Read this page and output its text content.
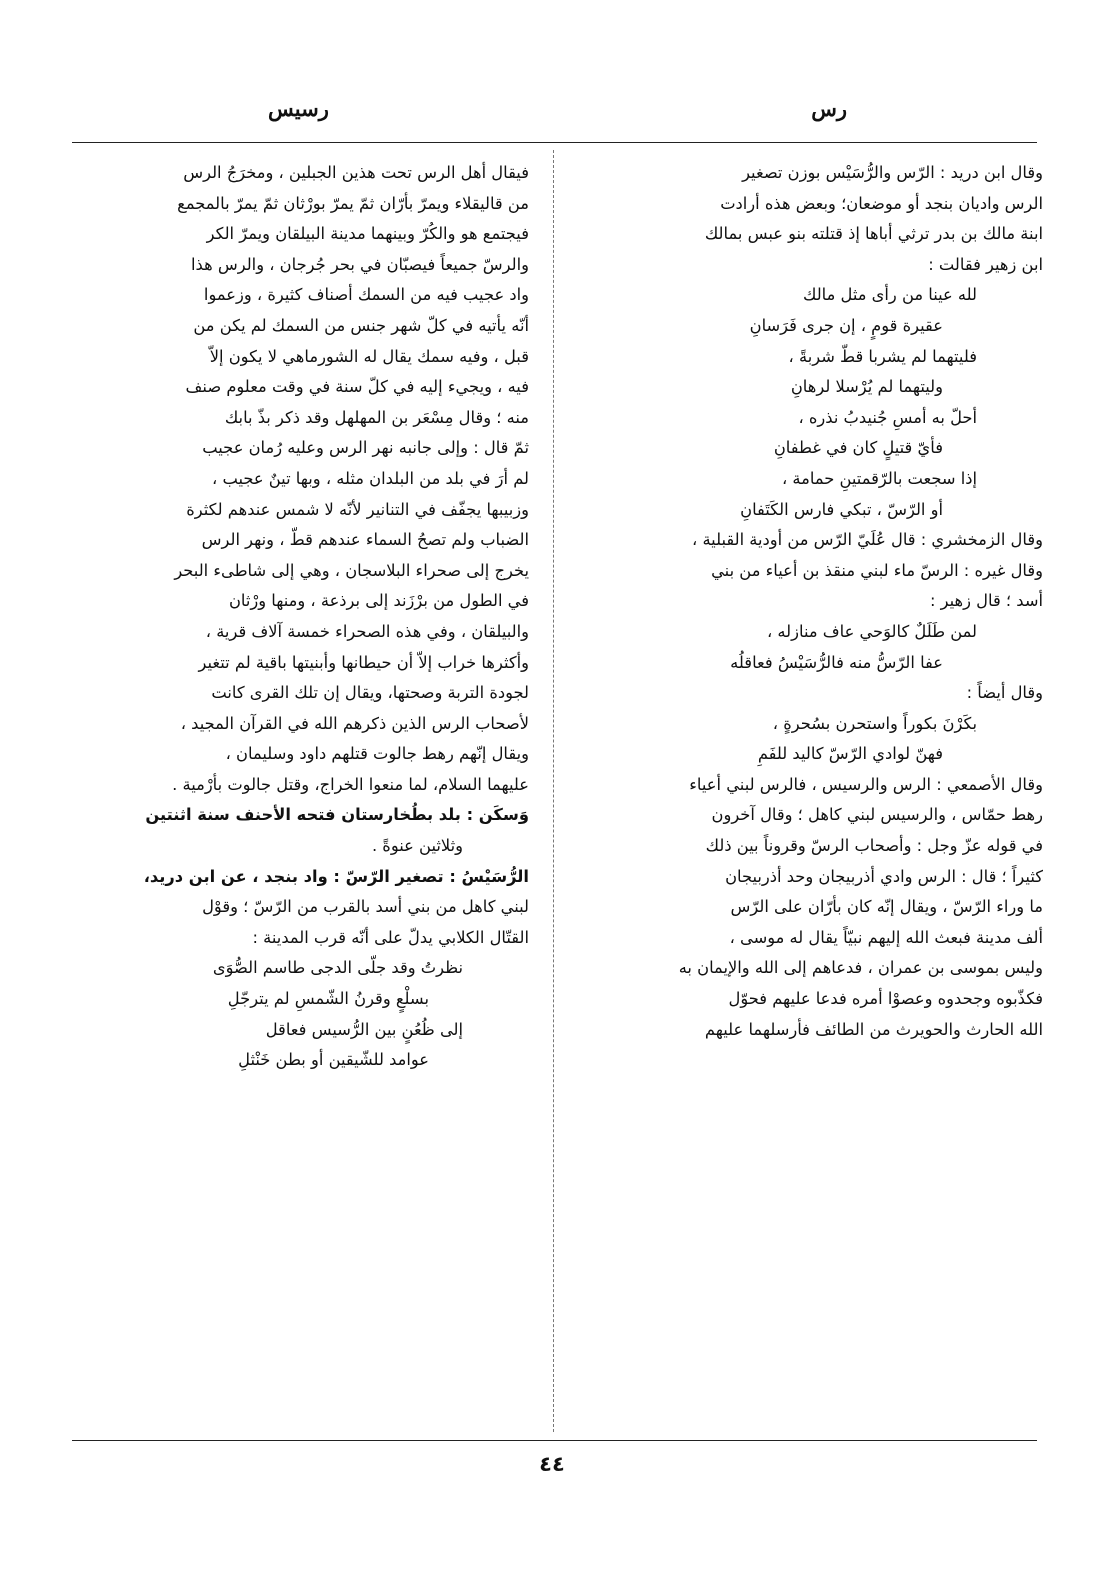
رس
رسيس

وقال ابن دريد : الرّس والرُّسَيْس بوزن تصغير

الرس واديان بنجد أو موضعان؛ وبعض هذه أرادت

ابنة مالك بن بدر ترثي أباها إذ قتلته بنو عبس بمالك

ابن زهير فقالت :

لله عينا من رأى مثل مالك

عقيرة قومٍ ، إن جرى فَرَسانِ

فليتهما لم يشربا قطّ شربةً ،

وليتهما لم يُرْسلا لرهانِ

أحلّ به أمسِ جُنيدبُ نذره ،

فأيّ قتيلٍ كان في غطفانِ

إذا سجعت بالرّقمتينِ حمامة ،

أو الرّسّ ، تبكي فارس الكَتَفانِ

وقال الزمخشري : قال عُلَيّ الرّس من أودية القبلية ،

وقال غيره : الرسّ ماء لبني منقذ بن أعياء من بني

أسد ؛ قال زهير :

لمن طَلَلٌ كالوَحي عاف منازله ،

عفا الرّسُّ منه فالرُّسَيْسُ فعاقلُه

وقال أيضاً :

بكَرْنَ بكوراً واستحرن بسُحرةٍ ،

فهنّ لوادي الرّسّ كاليد للفَمِ

وقال الأصمعي : الرس والرسيس ، فالرس لبني أعياء

رهط حمّاس ، والرسيس لبني كاهل ؛ وقال آخرون

في قوله عزّ وجل : وأصحاب الرسّ وقروناً بين ذلك

كثيراً ؛ قال : الرس وادي أذربيجان وحد أذربيجان

ما وراء الرّسّ ، ويقال إنّه كان بأرّان على الرّس

ألف مدينة فبعث الله إليهم نبيّاً يقال له موسى ،

وليس بموسى بن عمران ، فدعاهم إلى الله والإيمان به

فكذّبوه وجحدوه وعصوْا أمره فدعا عليهم فحوّل

الله الحارث والحويرث من الطائف فأرسلهما عليهم

فيقال أهل الرس تحت هذين الجبلين ، ومخرَجُ الرس

من قاليقلاء ويمرّ بأرّان ثمّ يمرّ بورْثان ثمّ يمرّ بالمجمع

فيجتمع هو والكُرّ وبينهما مدينة البيلقان ويمرّ الكر

والرسّ جميعاً فيصبّان في بحر جُرجان ، والرس هذا

واد عجيب فيه من السمك أصناف كثيرة ، وزعموا

أنّه يأتيه في كلّ شهر جنس من السمك لم يكن من

قبل ، وفيه سمك يقال له الشورماهي لا يكون إلاّ

فيه ، ويجيء إليه في كلّ سنة في وقت معلوم صنف

منه ؛ وقال مِسْعَر بن المهلهل وقد ذكر بذّ بابك

ثمّ قال : وإلى جانبه نهر الرس وعليه رُمان عجيب

لم أرَ في بلد من البلدان مثله ، وبها تينٌ عجيب ،

وزبيبها يجفّف في التنانير لأنّه لا شمس عندهم لكثرة

الضباب ولم تصحُ السماء عندهم قطّ ، ونهر الرس

يخرج إلى صحراء البلاسجان ، وهي إلى شاطىء البحر

في الطول من برْزَند إلى برذعة ، ومنها ورْثان

والبيلقان ، وفي هذه الصحراء خمسة آلاف قرية ،

وأكثرها خراب إلاّ أن حيطانها وأبنيتها باقية لم تتغير

لجودة التربة وصحتها، ويقال إن تلك القرى كانت

لأصحاب الرس الذين ذكرهم الله في القرآن المجيد ،

ويقال إنّهم رهط جالوت قتلهم داود وسليمان ،

عليهما السلام، لما منعوا الخراج، وقتل جالوت بأرْمية .

وَسكَن : بلد بطُخارستان فتحه الأحنف سنة اثنتين

وثلاثين عنوةً .

الرُّسَيْسُ : تصغير الرّسّ : واد بنجد ، عن ابن دريد،

لبني كاهل من بني أسد بالقرب من الرّسّ ؛ وقوْل

القتّال الكلابي يدلّ على أنّه قرب المدينة :

نظرتُ وقد جلّى الدجى طاسم الصُّوَى

بسلْعٍ وقرنُ الشّمسِ لم يترجّلِ

إلى ظُعُنٍ بين الرُّسيس فعاقل

عوامد للشّيقين أو بطن خَنْثلِ

٤٤
